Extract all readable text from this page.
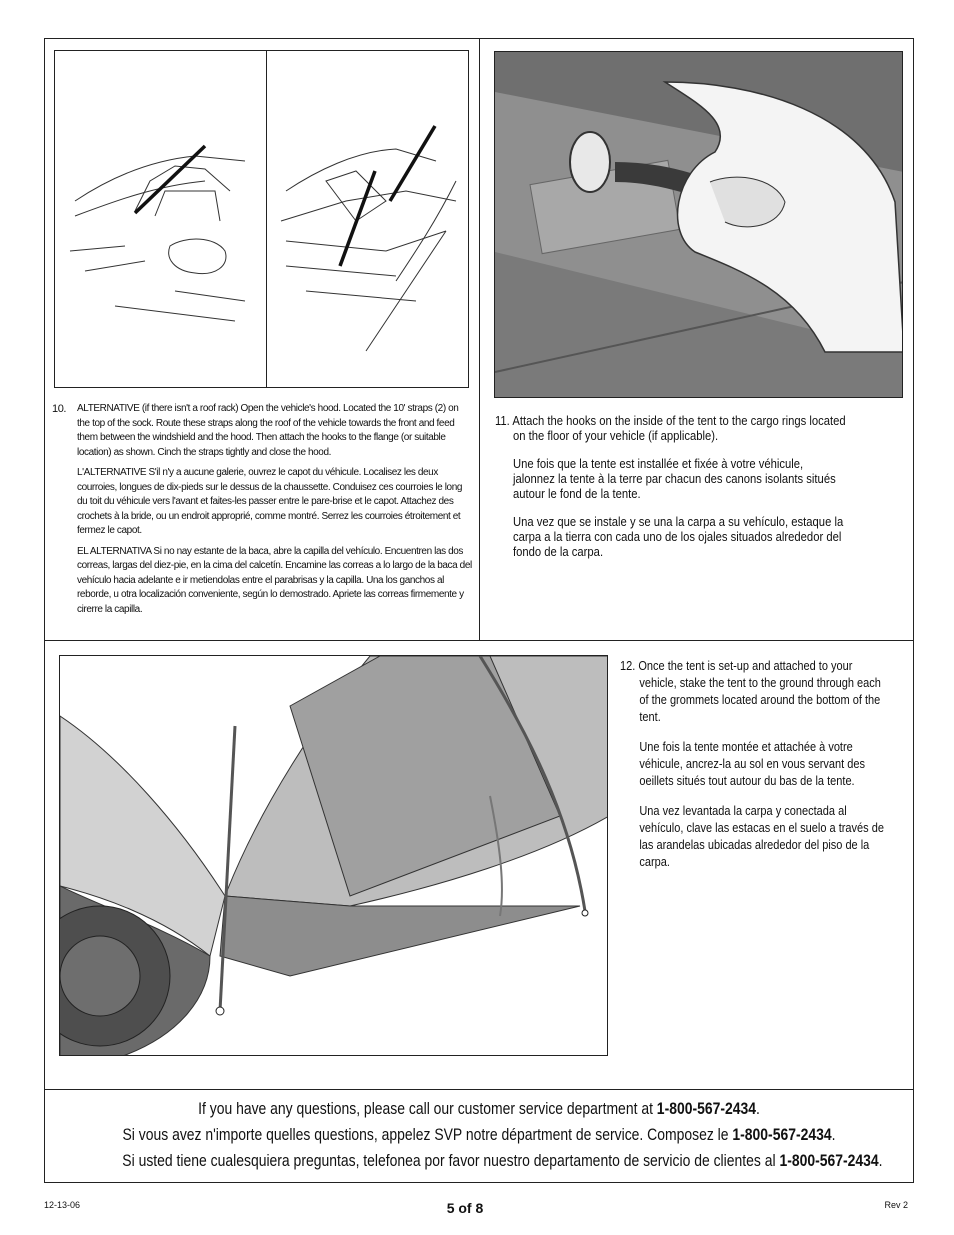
10. ALTERNATIVE (if there isn't a roof rack) Open the vehicle's hood. Located the 10' straps (2) on the top of the sock. Route these straps along the roof of the vehicle towards the front and feed them between the windshield and the hood. Then attach the hooks to the flange (or suitable location) as shown. Cinch the straps tightly and close the hood.

L'ALTERNATIVE S'il n'y a aucune galerie, ouvrez le capot du véhicule. Localisez les deux courroies, longues de dix-pieds sur le dessus de la chaussette. Conduisez ces courroies le long du toit du véhicule vers l'avant et faites-les passer entre le pare-brise et le capot. Attachez des crochets à la bride, ou un endroit approprié, comme montré. Serrez les courroies étroitement et fermez le capot.

EL ALTERNATIVA Si no nay estante de la baca, abre la capilla del vehículo. Encuentren las dos correas, largas del diez-pie, en la cima del calcetín. Encamine las correas a lo largo de la baca del vehículo hacia adelante e ir metiendolas entre el parabrisas y la capilla. Una los ganchos al reborde, u otra localización conveniente, según lo demostrado. Apriete las correas firmemente y cirerre la capilla.

11. Attach the hooks on the inside of the tent to the cargo rings located on the floor of your vehicle (if applicable).

Une fois que la tente est installée et fixée à votre véhicule, jalonnez la tente à la terre par chacun des canons isolants situés autour le fond de la tente.

Una vez que se instale y se una la carpa a su vehículo, estaque la carpa a la tierra con cada uno de los ojales situados alrededor del fondo de la carpa.

12. Once the tent is set-up and attached to your vehicle, stake the tent to the ground through each of the grommets located around the bottom of the tent.

Une fois la tente montée et attachée à votre véhicule, ancrez-la au sol en vous servant des oeillets situés tout autour du bas de la tente.

Una vez levantada la carpa y conectada al vehículo, clave las estacas en el suelo a través de las arandelas ubicadas alrededor del piso de la carpa.

If you have any questions, please call our customer service department at 1-800-567-2434.
Si vous avez n'importe quelles questions, appelez SVP notre départment de service. Composez le 1-800-567-2434.
Si usted tiene cualesquiera preguntas, telefonea por favor nuestro departamento de servicio de clientes al 1-800-567-2434.
12-13-06	5 of 8	Rev 2
